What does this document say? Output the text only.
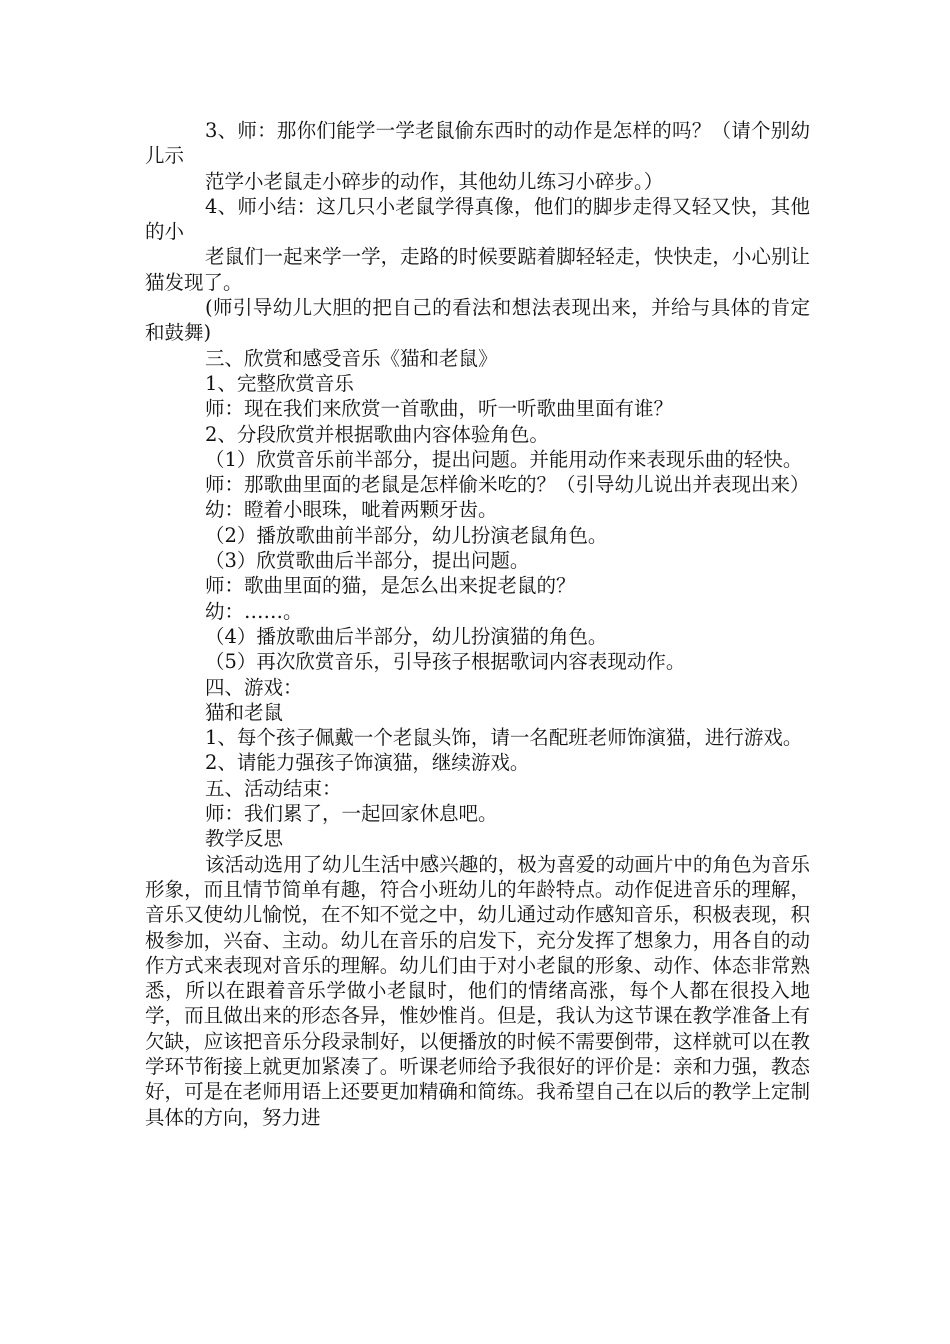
3、师：那你们能学一学老鼠偷东西时的动作是怎样的吗？（请个别幼儿示

范学小老鼠走小碎步的动作，其他幼儿练习小碎步。）

4、师小结：这几只小老鼠学得真像，他们的脚步走得又轻又快，其他的小

老鼠们一起来学一学，走路的时候要踮着脚轻轻走，快快走，小心别让猫发现了。

(师引导幼儿大胆的把自己的看法和想法表现出来，并给与具体的肯定和鼓舞)

三、欣赏和感受音乐《猫和老鼠》

1、完整欣赏音乐

师：现在我们来欣赏一首歌曲，听一听歌曲里面有谁？

2、分段欣赏并根据歌曲内容体验角色。

（1）欣赏音乐前半部分，提出问题。并能用动作来表现乐曲的轻快。

师：那歌曲里面的老鼠是怎样偷米吃的？（引导幼儿说出并表现出来）

幼：瞪着小眼珠，呲着两颗牙齿。

（2）播放歌曲前半部分，幼儿扮演老鼠角色。

（3）欣赏歌曲后半部分，提出问题。

师：歌曲里面的猫，是怎么出来捉老鼠的？

幼：……。

（4）播放歌曲后半部分，幼儿扮演猫的角色。

（5）再次欣赏音乐，引导孩子根据歌词内容表现动作。

四、游戏：

猫和老鼠

1、每个孩子佩戴一个老鼠头饰，请一名配班老师饰演猫，进行游戏。

2、请能力强孩子饰演猫，继续游戏。

五、活动结束：

师：我们累了，一起回家休息吧。

教学反思

该活动选用了幼儿生活中感兴趣的，极为喜爱的动画片中的角色为音乐形象，而且情节简单有趣，符合小班幼儿的年龄特点。动作促进音乐的理解，音乐又使幼儿愉悦，在不知不觉之中，幼儿通过动作感知音乐，积极表现，积极参加，兴奋、主动。幼儿在音乐的启发下，充分发挥了想象力，用各自的动作方式来表现对音乐的理解。幼儿们由于对小老鼠的形象、动作、体态非常熟悉，所以在跟着音乐学做小老鼠时，他们的情绪高涨，每个人都在很投入地学，而且做出来的形态各异，惟妙惟肖。但是，我认为这节课在教学准备上有欠缺，应该把音乐分段录制好，以便播放的时候不需要倒带，这样就可以在教学环节衔接上就更加紧凑了。听课老师给予我很好的评价是：亲和力强，教态好，可是在老师用语上还要更加精确和简练。我希望自己在以后的教学上定制具体的方向，努力进
